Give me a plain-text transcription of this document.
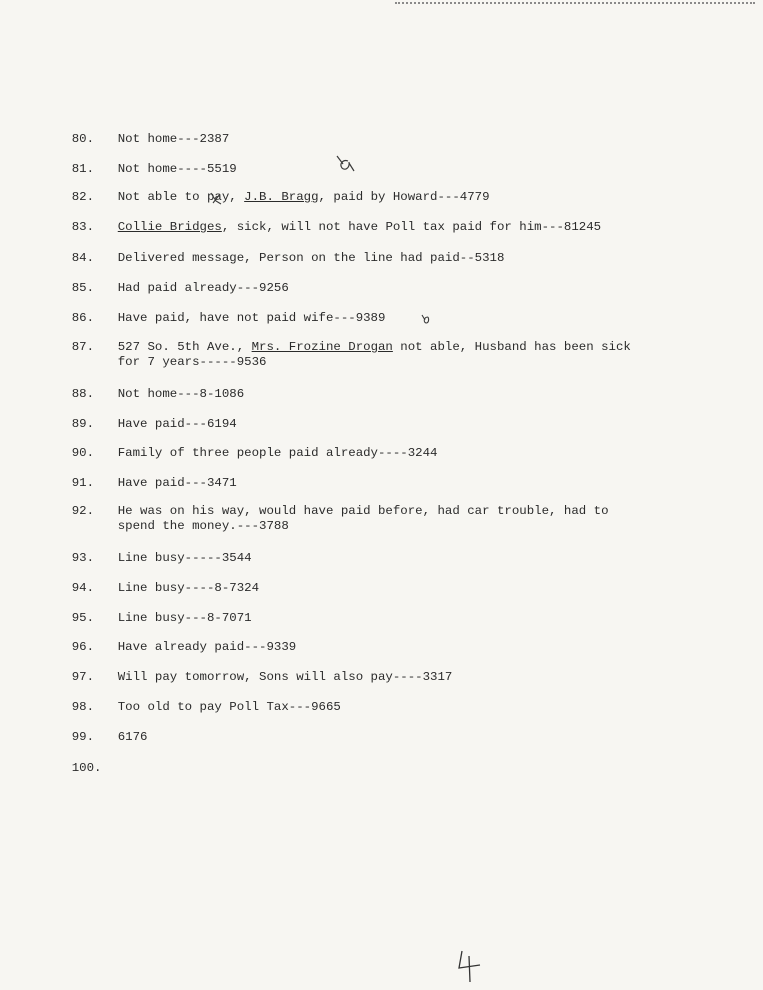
80. Not home---2387

81. Not home----5519

82. Not able to pay, J.B. Bragg, paid by Howard---4779

83. Collie Bridges, sick, will not have Poll tax paid for him---81245

84. Delivered message, Person on the line had paid--5318

85. Had paid already---9256

86. Have paid, have not paid wife---9389

87. 527 So. 5th Ave., Mrs. Frozine Drogan not able, Husband has been sick
for 7 years-----9536

88. Not home---8-1086

89. Have paid---6194

90. Family of three people paid already----3244

91. Have paid---3471

92. He was on his way, would have paid before, had car trouble, had to
spend the money.---3788

93. Line busy-----3544

94. Line busy----8-7324

95. Line busy---8-7071

96. Have already paid---9339

97. Will pay tomorrow, Sons will also pay----3317

98. Too old to pay Poll Tax---9665

99. 6176

100.
